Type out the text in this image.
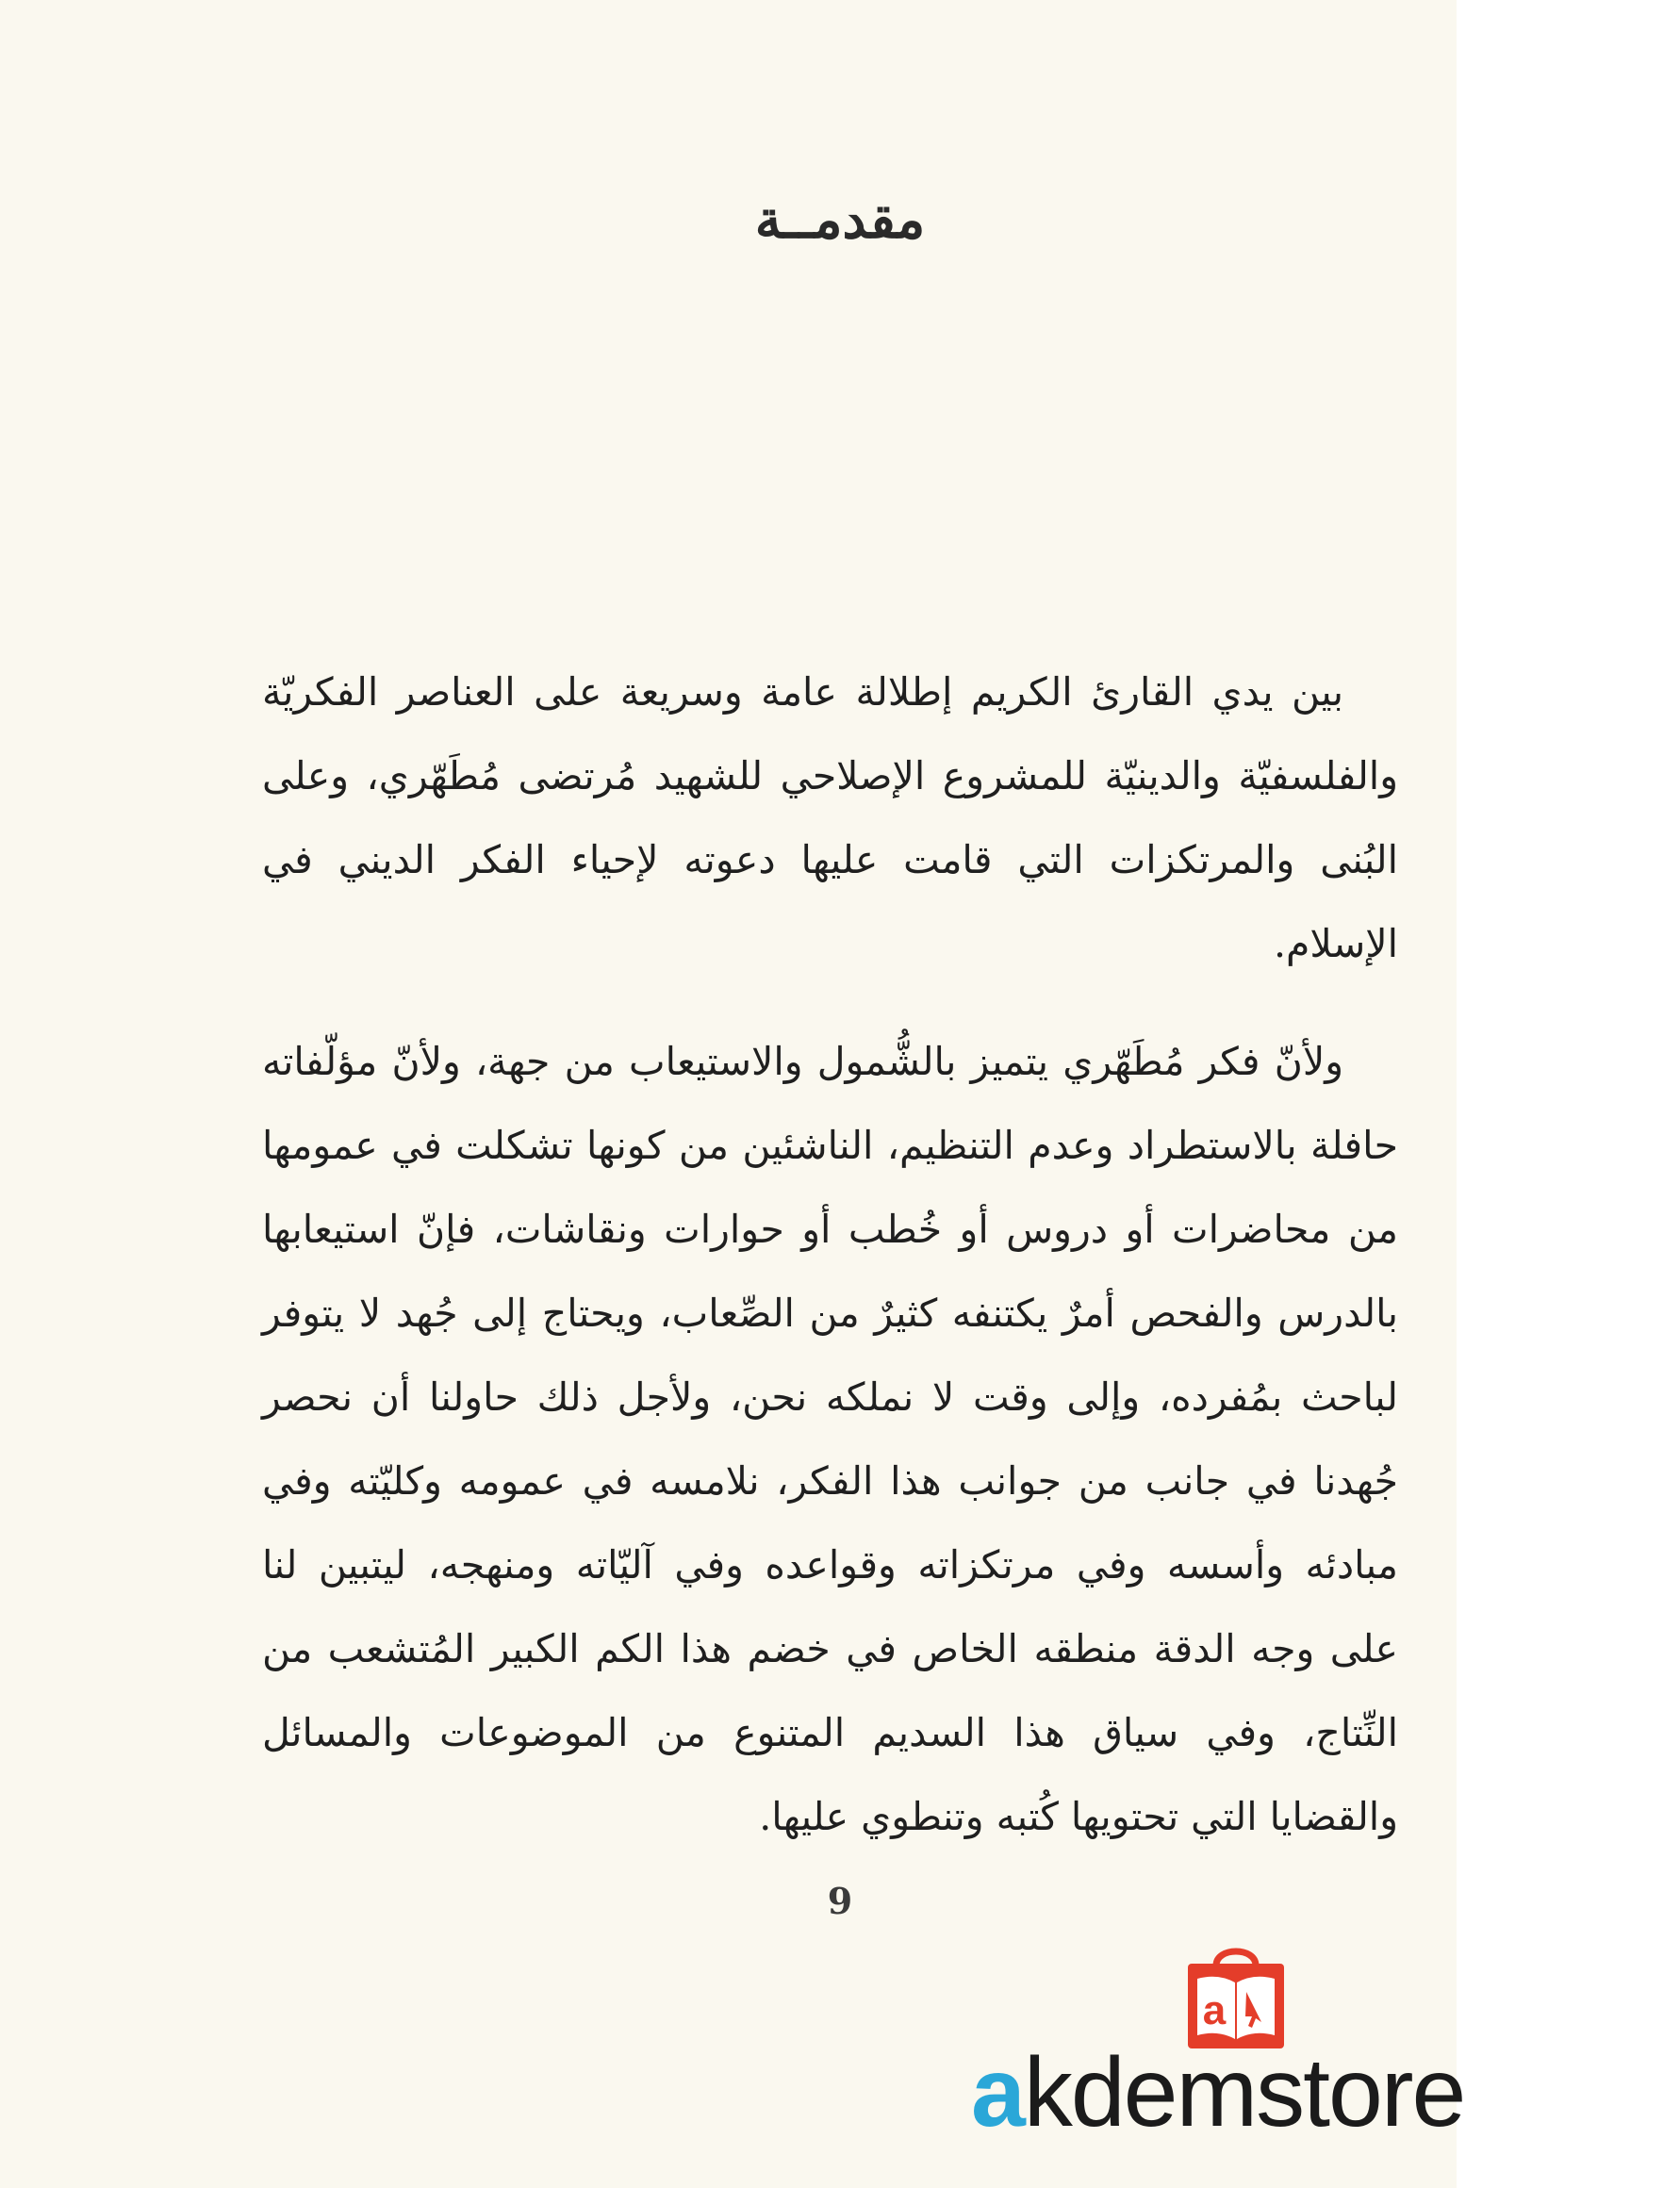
مقدمــة

بين يدي القارئ الكريم إطلالة عامة وسريعة على العناصر الفكريّة والفلسفيّة والدينيّة للمشروع الإصلاحي للشهيد مُرتضى مُطَهّري، وعلى البُنى والمرتكزات التي قامت عليها دعوته لإحياء الفكر الديني في الإسلام.

ولأنّ فكر مُطَهّري يتميز بالشُّمول والاستيعاب من جهة، ولأنّ مؤلّفاته حافلة بالاستطراد وعدم التنظيم، الناشئين من كونها تشكلت في عمومها من محاضرات أو دروس أو خُطب أو حوارات ونقاشات، فإنّ استيعابها بالدرس والفحص أمرٌ يكتنفه كثيرٌ من الصِّعاب، ويحتاج إلى جُهد لا يتوفر لباحث بمُفرده، وإلى وقت لا نملكه نحن، ولأجل ذلك حاولنا أن نحصر جُهدنا في جانب من جوانب هذا الفكر، نلامسه في عمومه وكليّته وفي مبادئه وأسسه وفي مرتكزاته وقواعده وفي آليّاته ومنهجه، ليتبين لنا على وجه الدقة منطقه الخاص في خضم هذا الكم الكبير المُتشعب من النِّتاج، وفي سياق هذا السديم المتنوع من الموضوعات والمسائل والقضايا التي تحتويها كُتبه وتنطوي عليها.

9
a
akdemstore
